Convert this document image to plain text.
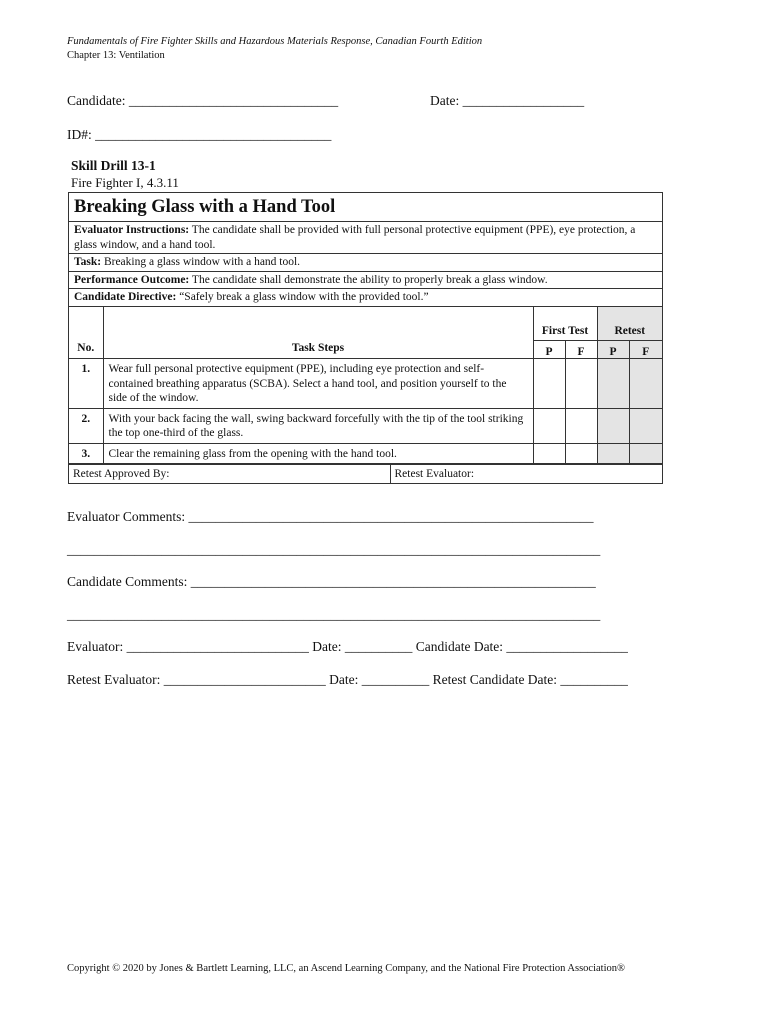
Fundamentals of Fire Fighter Skills and Hazardous Materials Response, Canadian Fourth Edition
Chapter 13: Ventilation
Candidate: _______________________________	Date: __________________
ID#: ___________________________________
Skill Drill 13-1
Fire Fighter I, 4.3.11
Breaking Glass with a Hand Tool
Evaluator Instructions: The candidate shall be provided with full personal protective equipment (PPE), eye protection, a glass window, and a hand tool.
Task: Breaking a glass window with a hand tool.
Performance Outcome: The candidate shall demonstrate the ability to properly break a glass window.
Candidate Directive: “Safely break a glass window with the provided tool.”
No.	Task Steps	First Test		Retest	
		P	F	P	F
1.	Wear full personal protective equipment (PPE), including eye protection and self-contained breathing apparatus (SCBA). Select a hand tool, and position yourself to the side of the window.				
2.	With your back facing the wall, swing backward forcefully with the tip of the tool striking the top one-third of the glass.				
3.	Clear the remaining glass from the opening with the hand tool.				
Retest Approved By:	Retest Evaluator:
Evaluator Comments: ____________________________________________________________
_______________________________________________________________________________
Candidate Comments: ____________________________________________________________
_______________________________________________________________________________
Evaluator: ___________________________ Date: __________ Candidate Date: __________________
Retest Evaluator: ________________________ Date: __________ Retest Candidate Date: __________
Copyright © 2020 by Jones & Bartlett Learning, LLC, an Ascend Learning Company, and the National Fire Protection Association®
